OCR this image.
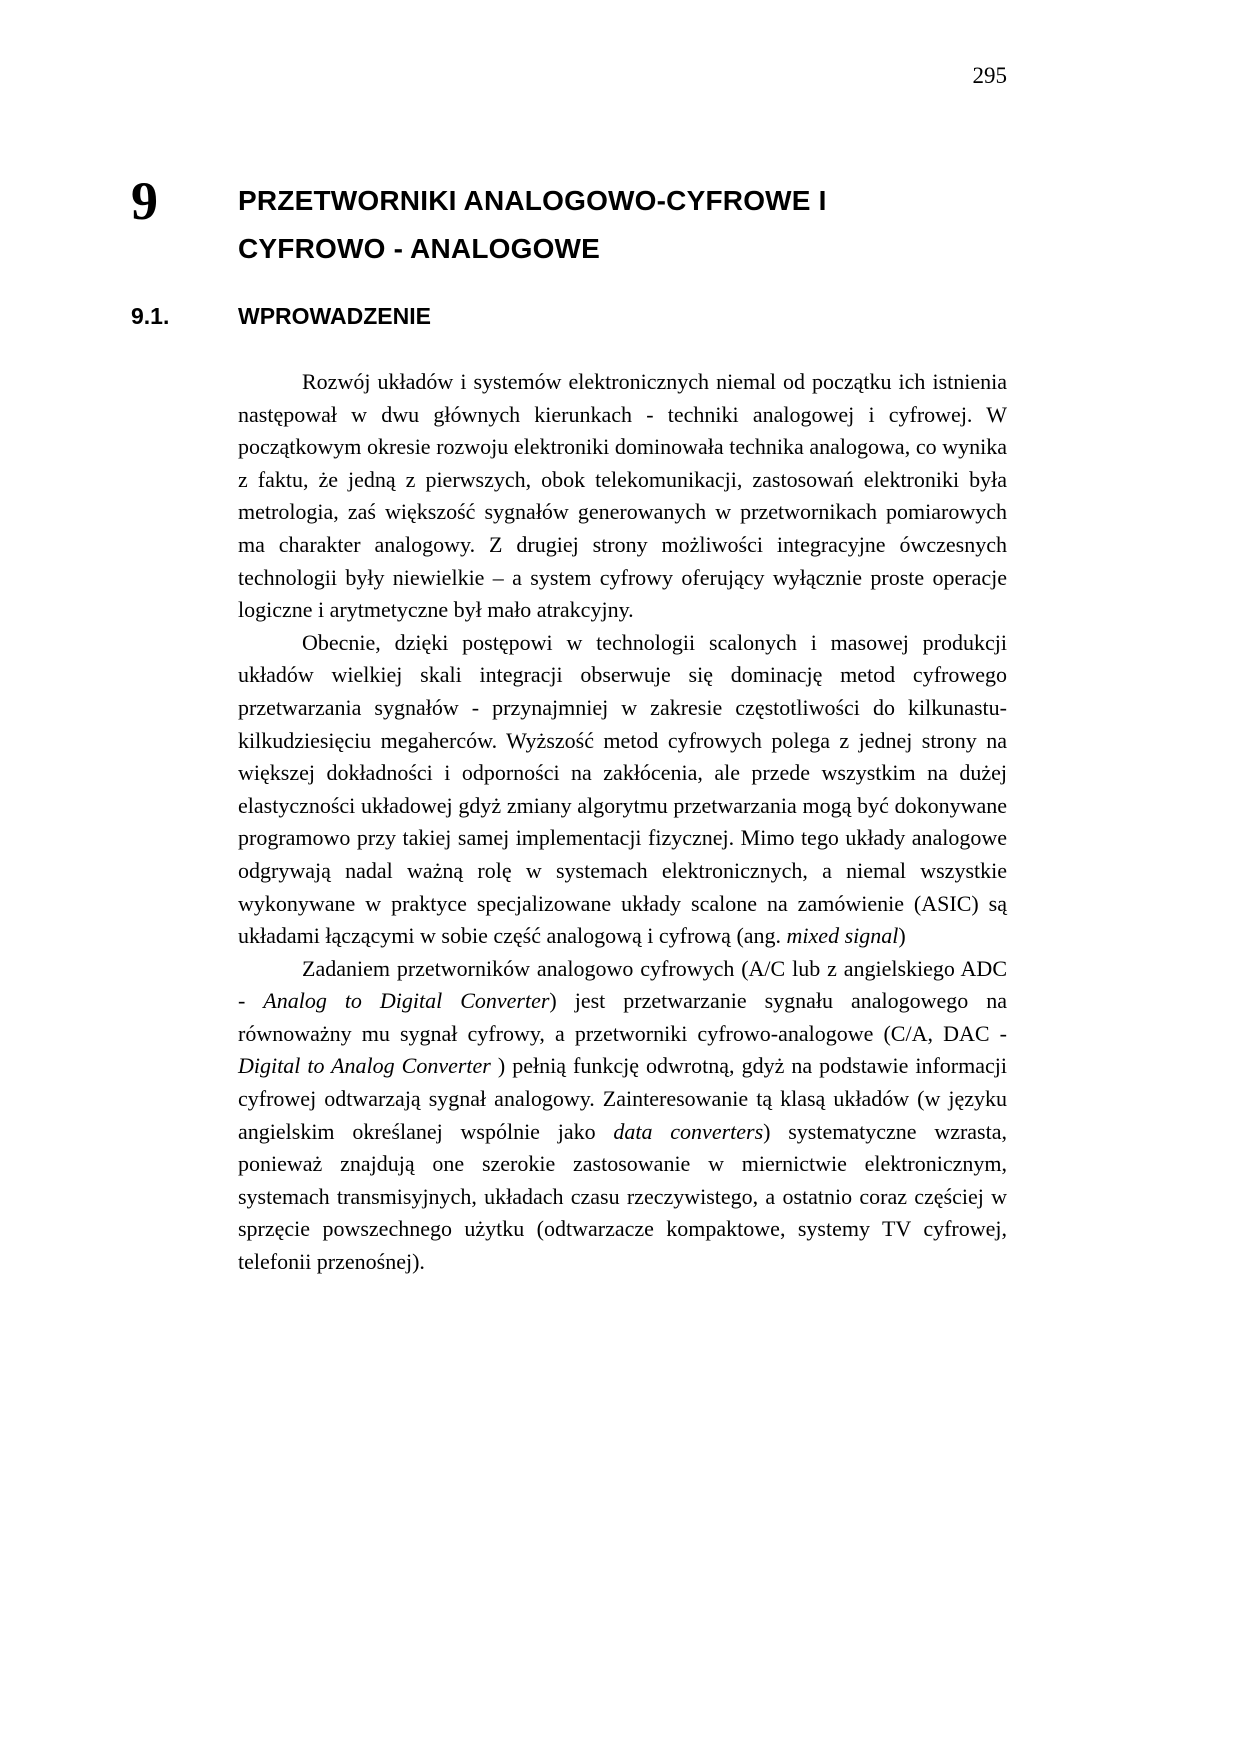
295
9	PRZETWORNIKI ANALOGOWO-CYFROWE I
CYFROWO - ANALOGOWE
9.1.	WPROWADZENIE

Rozwój układów i systemów elektronicznych niemal od początku ich istnienia następował w dwu głównych kierunkach - techniki analogowej i cyfrowej. W początkowym okresie rozwoju elektroniki dominowała technika analogowa, co wynika z faktu, że jedną z pierwszych, obok telekomunikacji, zastosowań elektroniki była metrologia, zaś większość sygnałów generowanych w przetwornikach pomiarowych ma charakter analogowy. Z drugiej strony możliwości integracyjne ówczesnych technologii były niewielkie – a system cyfrowy oferujący wyłącznie proste operacje logiczne i arytmetyczne był mało atrakcyjny.

Obecnie, dzięki postępowi w technologii scalonych i masowej produkcji układów wielkiej skali integracji obserwuje się dominację metod cyfrowego przetwarzania sygnałów - przynajmniej w zakresie częstotliwości do kilkunastu-kilkudziesięciu megaherców. Wyższość metod cyfrowych polega z jednej strony na większej dokładności i odporności na zakłócenia, ale przede wszystkim na dużej elastyczności układowej gdyż zmiany algorytmu przetwarzania mogą być dokonywane programowo przy takiej samej implementacji fizycznej. Mimo tego układy analogowe odgrywają nadal ważną rolę w systemach elektronicznych, a niemal wszystkie wykonywane w praktyce specjalizowane układy scalone na zamówienie (ASIC) są układami łączącymi w sobie część analogową i cyfrową (ang. mixed signal)

Zadaniem przetworników analogowo cyfrowych (A/C lub z angielskiego ADC - Analog to Digital Converter) jest przetwarzanie sygnału analogowego na równoważny mu sygnał cyfrowy, a przetworniki cyfrowo-analogowe (C/A, DAC - Digital to Analog Converter ) pełnią funkcję odwrotną, gdyż na podstawie informacji cyfrowej odtwarzają sygnał analogowy. Zainteresowanie tą klasą układów (w języku angielskim określanej wspólnie jako data converters) systematyczne wzrasta, ponieważ znajdują one szerokie zastosowanie w miernictwie elektronicznym, systemach transmisyjnych, układach czasu rzeczywistego, a ostatnio coraz częściej w sprzęcie powszechnego użytku (odtwarzacze kompaktowe, systemy TV cyfrowej, telefonii przenośnej).
